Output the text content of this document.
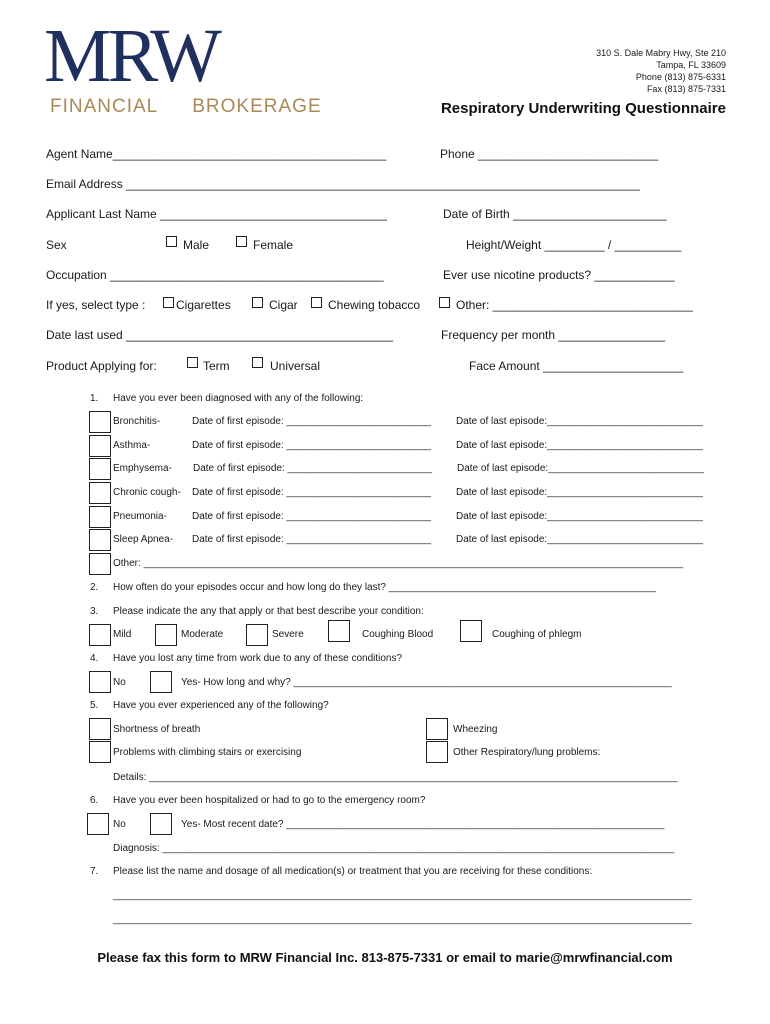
MRW
FINANCIAL BROKERAGE
310 S. Dale Mabry Hwy, Ste 210
Tampa, FL 33609
Phone (813) 875-6331
Fax (813) 875-7331
Respiratory Underwriting Questionnaire
Agent Name_________________________________________	Phone ___________________________
Email Address _____________________________________________________________________________
Applicant Last Name __________________________________	Date of Birth _______________________
Sex	Male	Female	Height/Weight _________ / __________
Occupation _________________________________________	Ever use nicotine products? ____________
If yes, select type :	Cigarettes	Cigar	Chewing tobacco	Other: ______________________________
Date last used ________________________________________	Frequency per month ________________
Product Applying for:	Term	Universal	Face Amount _____________________
1. Have you ever been diagnosed with any of the following:
Bronchitis-	Date of first episode: __________________________ Date of last episode:____________________________
Asthma-	Date of first episode: __________________________ Date of last episode:____________________________
Emphysema- Date of first episode: __________________________ Date of last episode:____________________________
Chronic cough- Date of first episode: __________________________ Date of last episode:____________________________
Pneumonia-	Date of first episode: __________________________ Date of last episode:____________________________
Sleep Apnea- Date of first episode: __________________________ Date of last episode:____________________________
Other: _________________________________________________________________________________________________
2. How often do your episodes occur and how long do they last? ________________________________________________
3. Please indicate the any that apply or that best describe your condition:
Mild	Moderate	Severe	Coughing Blood	Coughing of phlegm
4. Have you lost any time from work due to any of these conditions?
No	Yes- How long and why? ____________________________________________________________________
5. Have you ever experienced any of the following?
Shortness of breath	Wheezing
Problems with climbing stairs or exercising	Other Respiratory/lung problems:
Details: _______________________________________________________________________________________________
6. Have you ever been hospitalized or had to go to the emergency room?
No	Yes- Most recent date? ____________________________________________________________________
Diagnosis: ____________________________________________________________________________________________
7. Please list the name and dosage of all medication(s) or treatment that you are receiving for these conditions:
________________________________________________________________________________________________________
________________________________________________________________________________________________________
Please fax this form to MRW Financial Inc. 813-875-7331 or email to marie@mrwfinancial.com
